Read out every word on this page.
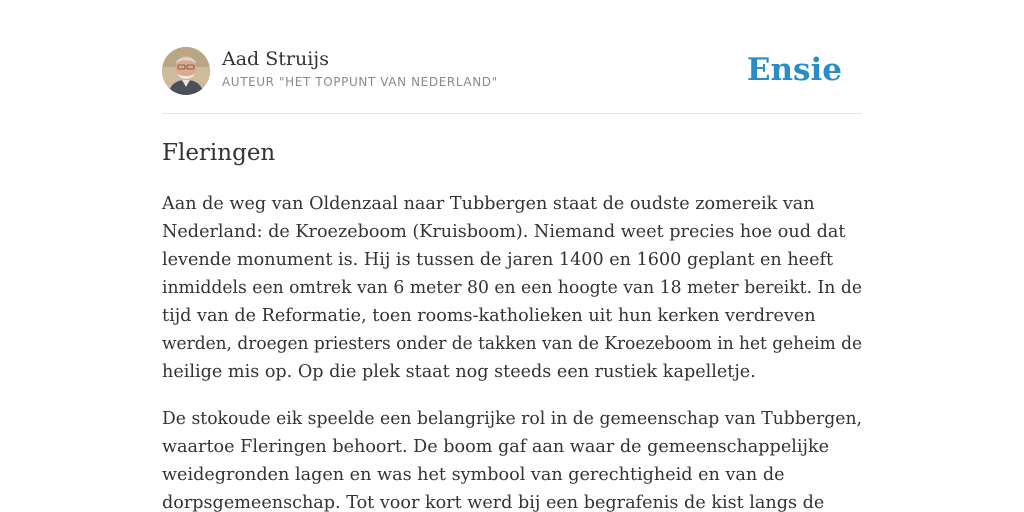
Aad Struijs
AUTEUR "HET TOPPUNT VAN NEDERLAND"	Ensie
Fleringen

Aan de weg van Oldenzaal naar Tubbergen staat de oudste zomereik van
Nederland: de Kroezeboom (Kruisboom). Niemand weet precies hoe oud dat
levende monument is. Hij is tussen de jaren 1400 en 1600 geplant en heeft
inmiddels een omtrek van 6 meter 80 en een hoogte van 18 meter bereikt. In de
tijd van de Reformatie, toen rooms-katholieken uit hun kerken verdreven
werden, droegen priesters onder de takken van de Kroezeboom in het geheim de
heilige mis op. Op die plek staat nog steeds een rustiek kapelletje.

De stokoude eik speelde een belangrijke rol in de gemeenschap van Tubbergen,
waartoe Fleringen behoort. De boom gaf aan waar de gemeenschappelijke
weidegronden lagen en was het symbool van gerechtigheid en van de
dorpsgemeenschap. Tot voor kort werd bij een begrafenis de kist langs de
